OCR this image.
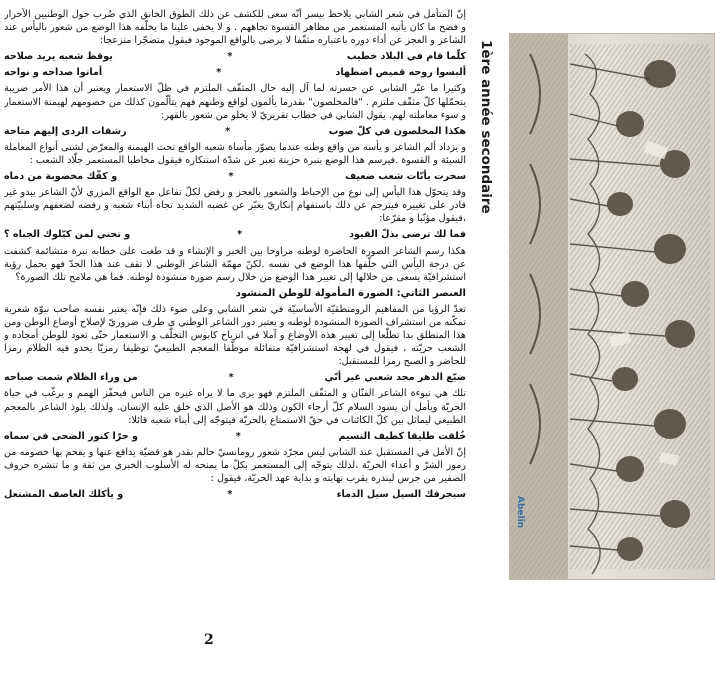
إنّ المتأمل في شعر الشابي يلاحظ بيسر أنّه سعى للكشف عن ذلك الطوق الخانق الذي ضُرب حول الوطنيين الأحرار و فضح ما كان يأتيه المستعمر من مظاهر القسوة تجاههم . و لا يخفى علينا ما يخلّفه هذا الوضع من شعور باليأس عند الشاعر و العجز عن أداء دوره باعتباره مثقّفا لا يرضى بالواقع الموجود فيقول متضجّرا منزعجا:

كلّما قام في البلاد خطيب
*
يوقظ شعبه يريد صلاحه
ألبسوا روحه قميص اضطهاد
*
أماتوا صداحه و نواحه

وكثيرا ما عبّر الشابي عن حسرته لما آل إليه حال المثقّف الملتزم في ظلّ الاستعمار ويعتبر أن هذا الأمر ضريبة يتحمّلها كلّ مثقّف ملتزم . "فالمخلصون" بقدرما يألمون لواقع وطنهم فهم يتألّمون كذلك من خصومهم لهيمنة الاستعمار و سوء معاملته لهم. يقول الشابي في خطاب تقريريّ لا يخلو من شعور بالقهر:

هكذا المخلصون في كلّ صوب
*
رشقات الردى إليهم متاحة

و يزداد ألم الشاعر و يأسه من واقع وطنه عندما يصوّر مأساة شعبه الواقع تحت الهيمنة والمعرّض لشتى أنواع المعاملة السيئة و القسوة .فيرسم هذا الوضع بنبرة حزينة تعبر عن شدّة استنكاره فيقول مخاطبا المستعمر جلّاد الشعب :

سخرت بأنّات شعب ضعيف
*
و كفّك مخضوبة من دماه

وقد يتحوّل هذا اليأس إلى نوع من الإحباط والشعور بالعجز و رفض لكلّ تفاعل مع الواقع المزري لأنّ الشاعر يبدو غير قادر على تغييره فيترجم عن ذلك باستفهام إنكاريّ يعبّر عن غضبه الشديد تجاه أبناء شعبه و رفضه لضعفهم وسلبيّتهم ،فيقول مؤنّبا و مقرّعا:

فما لك ترضى بذلّ القيود
*
و تحني لمن كبّلوك الجباه ؟

هكذا رسم الشاعر الصورة الحاضرة لوطنه مراوحا بين الخبر و الإنشاء و قد طغت على خطابه نبرة متشائمة كشفت عن درجة اليأس التي خلّفها هذا الوضع في نفسه .لكنّ مهمّة الشاعر الوطني لا تقف عند هذا الحدّ فهو يحمل رؤية استشرافيّة يسعى من خلالها إلى تغيير هذا الوضع من خلال رسم صورة منشودة لوطنه. فما هي ملامح تلك الصورة؟

العنصر الثاني: الصورة المأمولة للوطن المنشود

تعدّ الرؤيا من المفاهيم الرومنطقيّة الأساسيّة في شعر الشابي وعلى ضوء ذلك فإنّه يعتبر نفسه صاحب نبوّة شعرية تمكّنه من استشراف الصورة المنشودة لوطنه و يعتبر دور الشاعر الوطني ي طرف ضروريّ لإصلاح أوضاع الوطن ومن هذا المنطلق بدا تطلّعا إلى تغيير هذه الأوضاع و آملا في انزياح كابوس التخلّف و الاستعمار حتّى تعود للوطن أمجاده و الشعب حريّته ، فيقول في لهجة استشرافيّة متفائلة موظّفا المعجم الطبيعيّ توظيفا رمزيّا يحدو فيه الظلام رمزا للحاضر و الصبح رمزا للمستقبل:

ضيّع الدهر مجد شعبي غير أنّي
*
من وراء الظلام شمت صباحه

تلك هي نبوءة الشاعر الفنّان و المثقّف الملتزم فهو يرى ما لا يراه غيره من الناس فيحفّز الهمم و يرغّب في حياة الحريّة ويأمل أن يسود السلام كلّ أرجاء الكون وذلك هو الأصل الذي خلق عليه الإنسان. ولذلك يلوذ الشاعر بالمعجم الطبيعي ليماثل بين كلّ الكائنات في حقّ الاستمتاع بالحريّة فيتوجّه إلى أبناء شعبه قائلا:

خُلقت طليقا كطيف النسيم
*
و حرّا كنور الضحى في سماه

إنّ الأمل في المستقبل عند الشابي ليس مجرّد شعور رومانسيّ حالم بقدر هو قضيّة يدافع عنها و يقحم بها خصومه من رموز الشرّ و أعداء الحريّة ،لذلك يتوجّه إلى المستعمر بكلّ ما يمنحه له الأسلوب الخبري من ثقة و ما تنشره حروف الصفير من جرس لينذره بقرب نهايته و بداية عهد الحريّة، فيقول :

سيجرفك السيل سيل الدماء
*
و يأكلك العاصف المشتعل
2
1ère année secondaire
Abelin
